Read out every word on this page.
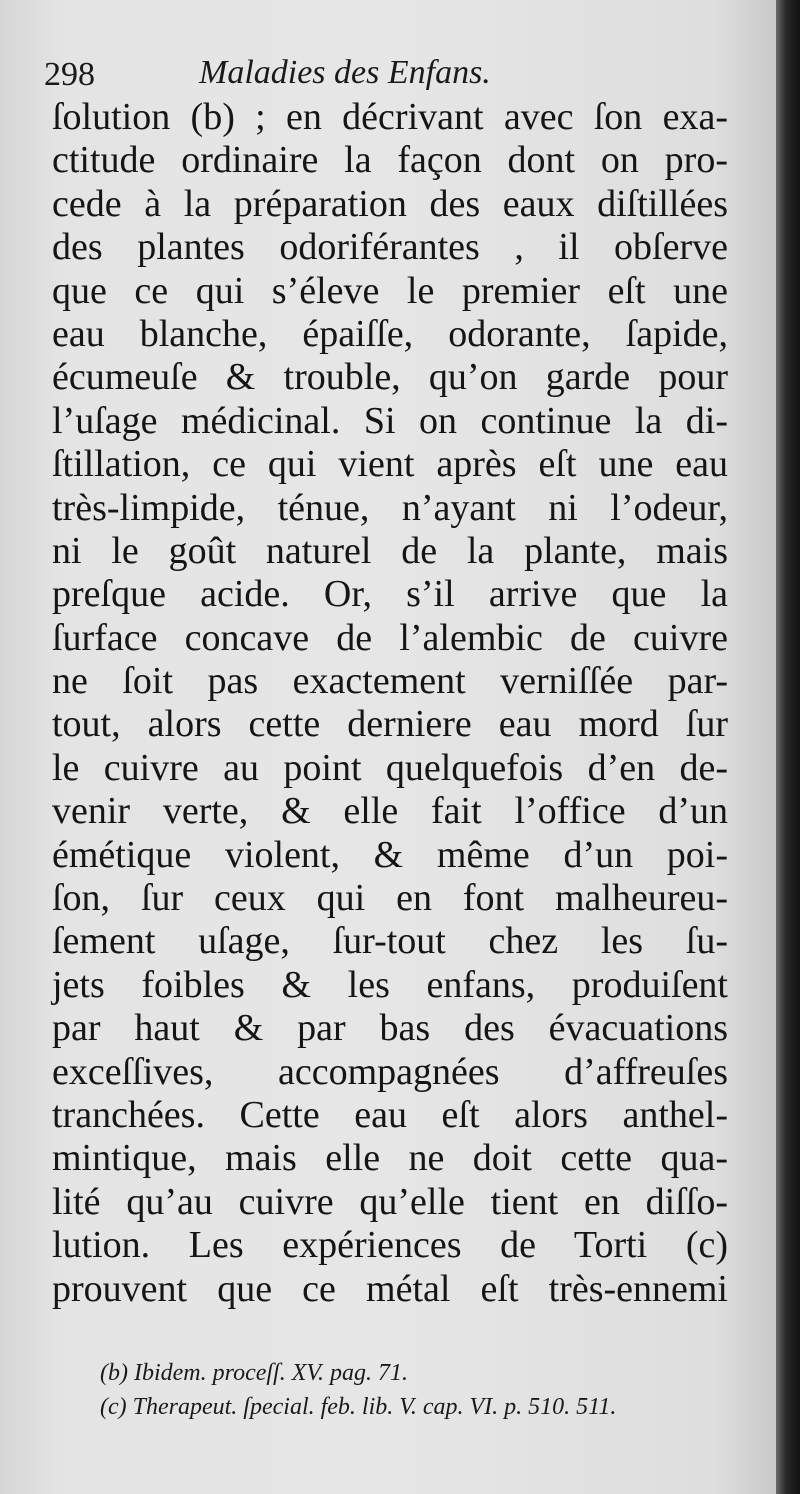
298	Maladies des Enfans.
ſolution (b) ; en décrivant avec ſon exa-
ctitude ordinaire la façon dont on pro-
cede à la préparation des eaux diſtillées
des plantes odoriférantes , il obſerve
que ce qui s’éleve le premier eſt une
eau blanche, épaiſſe, odorante, ſapide,
écumeuſe & trouble, qu’on garde pour
l’uſage médicinal. Si on continue la di-
ſtillation, ce qui vient après eſt une eau
très-limpide, ténue, n’ayant ni l’odeur,
ni le goût naturel de la plante, mais
preſque acide. Or, s’il arrive que la
ſurface concave de l’alembic de cuivre
ne ſoit pas exactement verniſſée par-
tout, alors cette derniere eau mord ſur
le cuivre au point quelquefois d’en de-
venir verte, & elle fait l’office d’un
émétique violent, & même d’un poi-
ſon, ſur ceux qui en font malheureu-
ſement uſage, ſur-tout chez les ſu-
jets foibles & les enfans, produiſent
par haut & par bas des évacuations
exceſſives, accompagnées d’affreuſes
tranchées. Cette eau eſt alors anthel-
mintique, mais elle ne doit cette qua-
lité qu’au cuivre qu’elle tient en diſſo-
lution. Les expériences de Torti (c)
prouvent que ce métal eſt très-ennemi
(b) Ibidem. proceſſ. XV. pag. 71.
(c) Therapeut. ſpecial. feb. lib. V. cap. VI. p. 510. 511.
